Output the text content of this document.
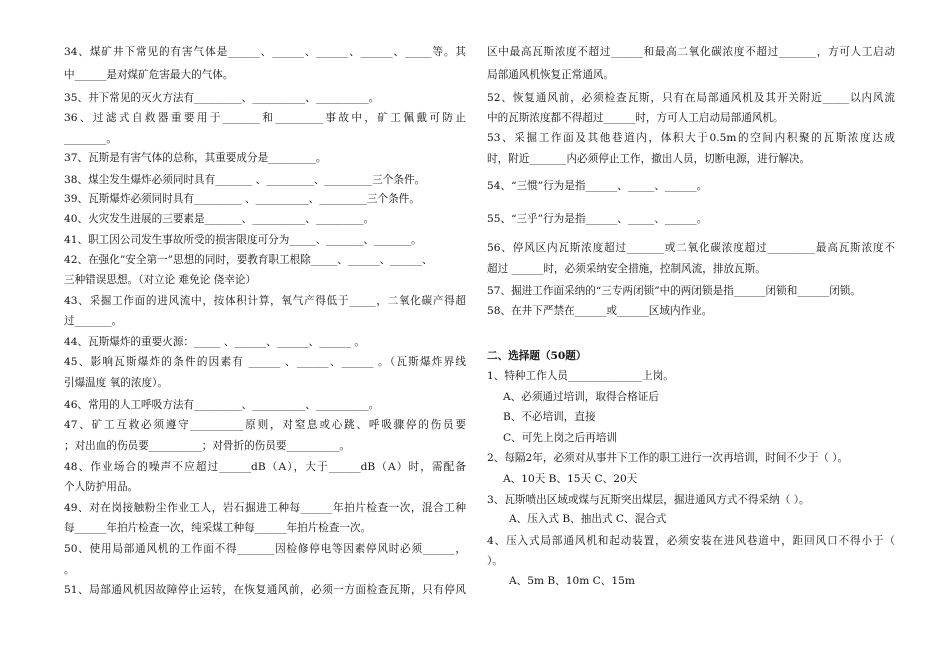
34、煤矿井下常见的有害气体是______、______、______、______、_____等。其
中______是对煤矿危害最大的气体。
35、井下常见的灭火方法有_________、__________、__________。
36、过滤式自救器重要用于_______和_________事故中，矿工佩戴可防止
________。
37、瓦斯是有害气体的总称，其重要成分是_________。
38、煤尘发生爆炸必须同时具有_______ 、_________、_________三个条件。
39、瓦斯爆炸必须同时具有_________ 、__________、_________三个条件。
40、火灾发生进展的三要素是_______、__________、_________。
41、职工因公司发生事故所受的损害限度可分为_____、_______、_______。
42、在强化”安全第一”思想的同时，要教育职工根除_____、______、______、
三种错误思想。（对立论 难免论 侥幸论）
43、采掘工作面的进风流中，按体积计算，氧气产得低于_____，二氧化碳产得超
过_______。
44、瓦斯爆炸的重要火源：_____ 、______、______、______ 。
45、影响瓦斯爆炸的条件的因素有 ______ 、______、______ 。（瓦斯爆炸界线
引爆温度 氧的浓度）。
46、常用的人工呼吸方法有_________、__________、__________。
47、矿工互救必须遵守__________原则，对窒息或心跳、呼吸骤停的伤员要
；对出血的伤员要__________；对骨折的伤员要__________。
48、作业场合的噪声不应超过______dB（A），大于______dB（A）时，需配备
个人防护用品。
49、对在岗接触粉尘作业工人，岩石掘进工种每______年拍片检查一次，混合工种
每______年拍片检查一次，纯采煤工种每______年拍片检查一次。
50、使用局部通风机的工作面不得_______因检修停电等因素停风时必须______，
。
51、局部通风机因故障停止运转，在恢复通风前，必须一方面检查瓦斯，只有停风
区中最高瓦斯浓度不超过______和最高二氧化碳浓度不超过_______，方可人工启动
局部通风机恢复正常通风。
52、恢复通风前，必须检查瓦斯，只有在局部通风机及其开关附近_____以内风流
中的瓦斯浓度都不得超过______时，方可人工启动局部通风机。
53、采掘工作面及其他巷道内，体积大于0.5m的空间内积聚的瓦斯浓度达成
时，附近_______内必须停止工作，撤出人员，切断电源，进行解决。
54、“三惯”行为是指______、_____、______。
55、“三乎”行为是指______、_____、______。
56、停风区内瓦斯浓度超过_______或二氧化碳浓度超过_________最高瓦斯浓度不
超过 ______时，必须采纳安全措施，控制风流，排放瓦斯。
57、掘进工作面采纳的“三专两闭锁”中的两闭锁是指______闭锁和______闭锁。
58、在井下严禁在______或______区域内作业。
二、选择题（50题）
1、特种工作人员______________上岗。
A、必须通过培训，取得合格证后
B、不必培训，直接
C、可先上岗之后再培训
2、每隔2年，必须对从事井下工作的职工进行一次再培训，时间不少于（ ）。
A、10天 B、15天 C、20天
3、瓦斯喷出区域或煤与瓦斯突出煤层，掘进通风方式不得采纳（ ）。
A、压入式 B、抽出式 C、混合式
4、压入式局部通风机和起动装置，必须安装在进风巷道中，距回风口不得小于（
）。
A、5m B、10m C、15m
